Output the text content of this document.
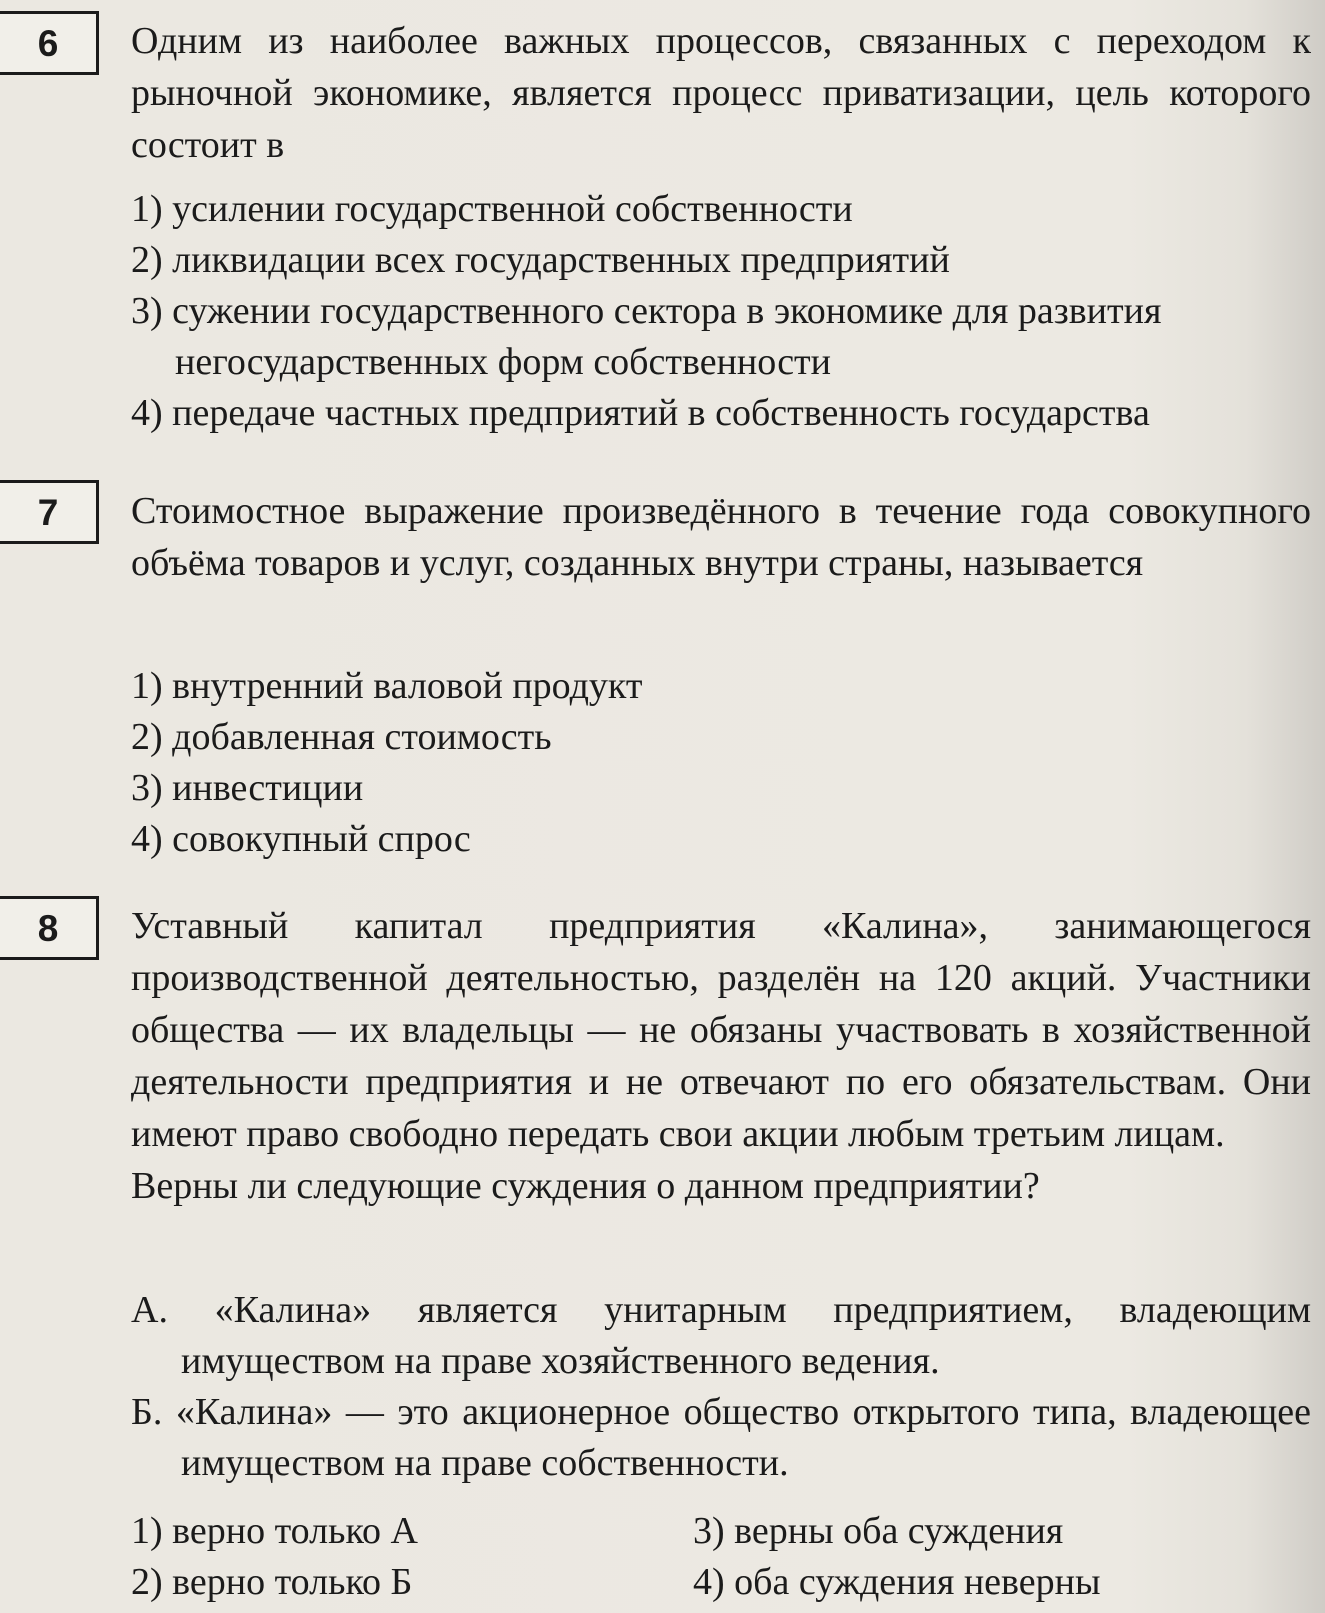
6	Одним из наиболее важных процессов, связанных с переходом к рыночной экономике, является процесс приватизации, цель которого состоит в

1) усилении государственной собственности
2) ликвидации всех государственных предприятий
3) сужении государственного сектора в экономике для развития негосударственных форм собственности
4) передаче частных предприятий в собственность государства
7	Стоимостное выражение произведённого в течение года совокупного объёма товаров и услуг, созданных внутри страны, называется

1) внутренний валовой продукт
2) добавленная стоимость
3) инвестиции
4) совокупный спрос
8	Уставный капитал предприятия «Калина», занимающегося производственной деятельностью, разделён на 120 акций. Участники общества — их владельцы — не обязаны участвовать в хозяйственной деятельности предприятия и не отвечают по его обязательствам. Они имеют право свободно передать свои акции любым третьим лицам.

Верны ли следующие суждения о данном предприятии?

А. «Калина» является унитарным предприятием, владеющим имуществом на праве хозяйственного ведения.
Б. «Калина» — это акционерное общество открытого типа, владеющее имуществом на праве собственности.
1) верно только А	3) верны оба суждения
2) верно только Б	4) оба суждения неверны
